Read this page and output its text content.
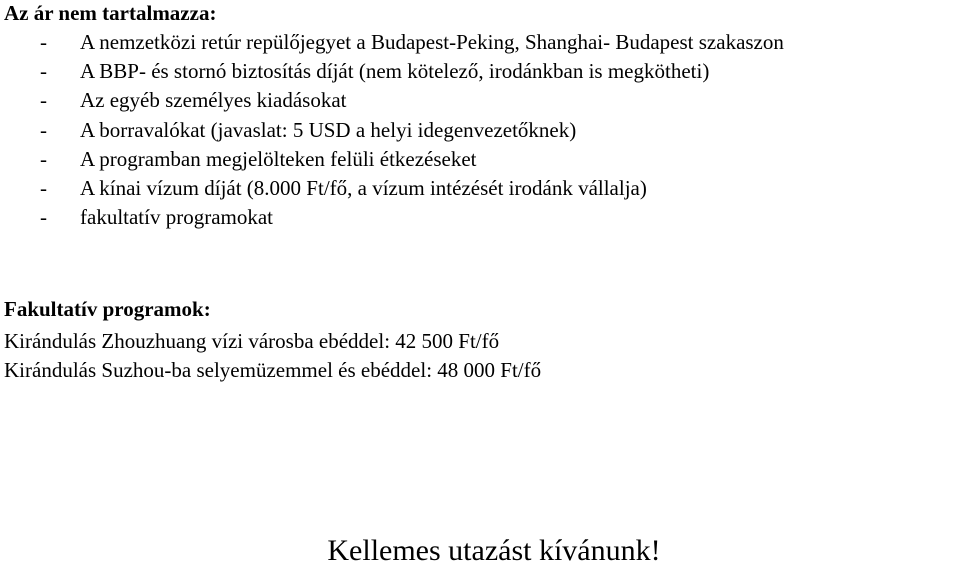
Az ár nem tartalmazza:
- A nemzetközi retúr repülőjegyet a Budapest-Peking, Shanghai- Budapest szakaszon
- A BBP- és stornó biztosítás díját (nem kötelező, irodánkban is megkötheti)
- Az egyéb személyes kiadásokat
- A borravalókat (javaslat: 5 USD a helyi idegenvezetőknek)
- A programban megjelölteken felüli étkezéseket
- A kínai vízum díját (8.000 Ft/fő, a vízum intézését irodánk vállalja)
- fakultatív programokat
Fakultatív programok:
Kirándulás Zhouzhuang vízi városba ebéddel: 42 500 Ft/fő
Kirándulás Suzhou-ba selyemüzemmel és ebéddel: 48 000 Ft/fő
Kellemes utazást kívánunk!
